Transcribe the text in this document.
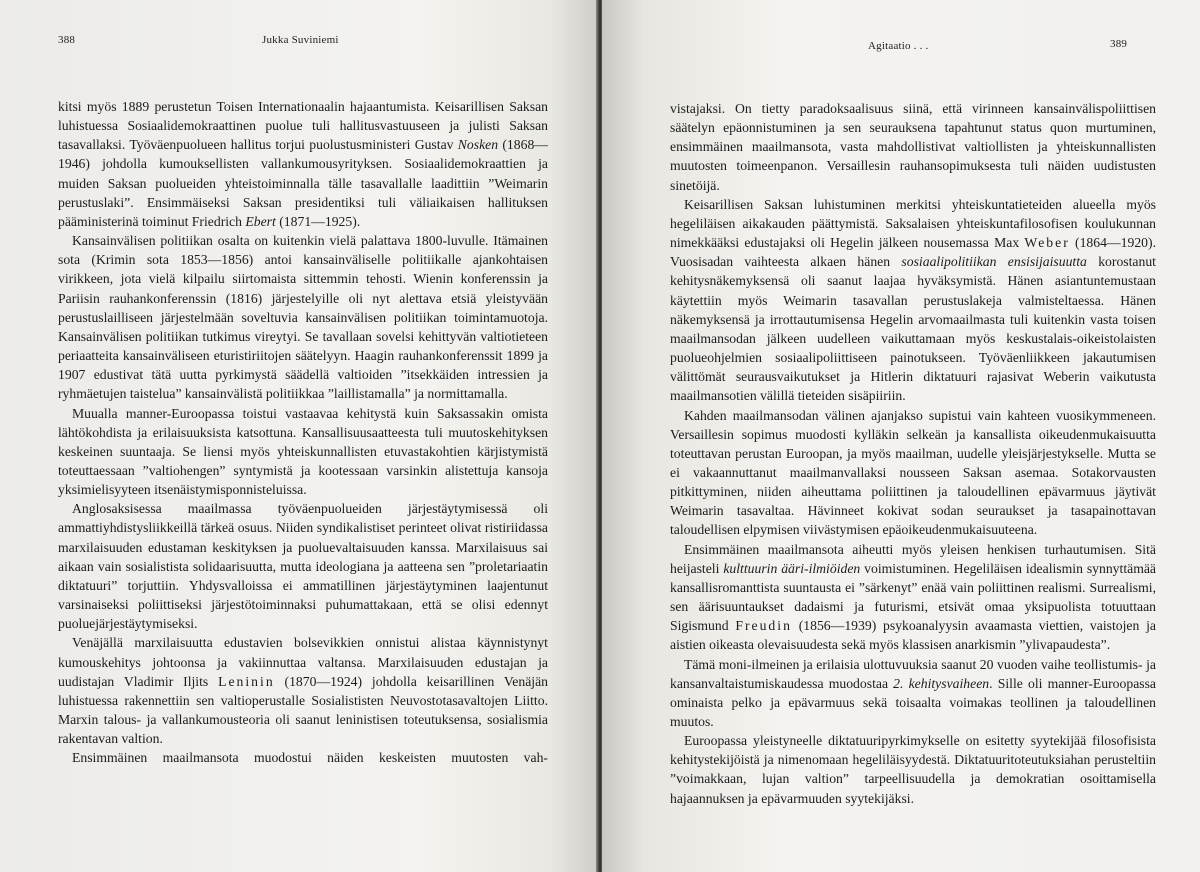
388	Jukka Suviniemi

kitsi myös 1889 perustetun Toisen Internationaalin hajaantumista. Keisarillisen Saksan luhistuessa Sosiaalidemokraattinen puolue tuli hallitusvastuuseen ja julisti Saksan tasavallaksi. Työväenpuolueen hallitus torjui puolustusministeri Gustav Nosken (1868—1946) johdolla kumouksellisten vallankumousyrityksen. Sosiaalidemokraattien ja muiden Saksan puolueiden yhteistoiminnalla tälle tasavallalle laadittiin ”Weimarin perustuslaki”. Ensimmäiseksi Saksan presidentiksi tuli väliaikaisen hallituksen pääministerinä toiminut Friedrich Ebert (1871—1925).

Kansainvälisen politiikan osalta on kuitenkin vielä palattava 1800-luvulle. Itämainen sota (Krimin sota 1853—1856) antoi kansainväliselle politiikalle ajankohtaisen virikkeen, jota vielä kilpailu siirtomaista sittemmin tehosti. Wienin konferenssin ja Pariisin rauhankonferenssin (1816) järjestelyille oli nyt alettava etsiä yleistyvään perustuslailliseen järjestelmään soveltuvia kansainvälisen politiikan toimintamuotoja. Kansainvälisen politiikan tutkimus vireytyi. Se tavallaan sovelsi kehittyvän valtiotieteen periaatteita kansainväliseen eturistiriitojen säätelyyn. Haagin rauhankonferenssit 1899 ja 1907 edustivat tätä uutta pyrkimystä säädellä valtioiden ”itsekkäiden intressien ja ryhmäetujen taistelua” kansainvälistä politiikkaa ”laillistamalla” ja normittamalla.

Muualla manner-Euroopassa toistui vastaavaa kehitystä kuin Saksassakin omista lähtökohdista ja erilaisuuksista katsottuna. Kansallisuusaatteesta tuli muutoskehityksen keskeinen suuntaaja. Se liensi myös yhteiskunnallisten etuvastakohtien kärjistymistä toteuttaessaan ”valtiohengen” syntymistä ja kootessaan varsinkin alistettuja kansoja yksimielisyyteen itsenäistymisponnisteluissa.

Anglosaksisessa maailmassa työväenpuolueiden järjestäytymisessä oli ammattiyhdistysliikkeillä tärkeä osuus. Niiden syndikalistiset perinteet olivat ristiriidassa marxilaisuuden edustaman keskityksen ja puoluevaltaisuuden kanssa. Marxilaisuus sai aikaan vain sosialistista solidaarisuutta, mutta ideologiana ja aatteena sen ”proletariaatin diktatuuri” torjuttiin. Yhdysvalloissa ei ammatillinen järjestäytyminen laajentunut varsinaiseksi poliittiseksi järjestötoiminnaksi puhumattakaan, että se olisi edennyt puoluejärjestäytymiseksi.

Venäjällä marxilaisuutta edustavien bolsevikkien onnistui alistaa käynnistynyt kumouskehitys johtoonsa ja vakiinnuttaa valtansa. Marxilaisuuden edustajan ja uudistajan Vladimir Iljits Leninin (1870—1924) johdolla keisarillinen Venäjän luhistuessa rakennettiin sen valtioperustalle Sosialististen Neuvostotasavaltojen Liitto. Marxin talous- ja vallankumousteoria oli saanut leninistisen toteutuksensa, sosialismia rakentavan valtion.

Ensimmäinen maailmansota muodostui näiden keskeisten muutosten vah-

Agitaatio . . .	389

vistajaksi. On tietty paradoksaalisuus siinä, että virinneen kansainvälispoliittisen säätelyn epäonnistuminen ja sen seurauksena tapahtunut status quon murtuminen, ensimmäinen maailmansota, vasta mahdollistivat valtiollisten ja yhteiskunnallisten muutosten toimeenpanon. Versaillesin rauhansopimuksesta tuli näiden uudistusten sinetöijä.

Keisarillisen Saksan luhistuminen merkitsi yhteiskuntatieteiden alueella myös hegeliläisen aikakauden päättymistä. Saksalaisen yhteiskuntafilosofisen koulukunnan nimekkääksi edustajaksi oli Hegelin jälkeen nousemassa Max Weber (1864—1920). Vuosisadan vaihteesta alkaen hänen sosiaalipolitiikan ensisijaisuutta korostanut kehitysnäkemyksensä oli saanut laajaa hyväksymistä. Hänen asiantuntemustaan käytettiin myös Weimarin tasavallan perustuslakeja valmisteltaessa. Hänen näkemyksensä ja irrottautumisensa Hegelin arvomaailmasta tuli kuitenkin vasta toisen maailmansodan jälkeen uudelleen vaikuttamaan myös keskustalais-oikeistolaisten puolueohjelmien sosiaalipoliittiseen painotukseen. Työväenliikkeen jakautumisen välittömät seurausvaikutukset ja Hitlerin diktatuuri rajasivat Weberin vaikutusta maailmansotien välillä tieteiden sisäpiiriin.

Kahden maailmansodan välinen ajanjakso supistui vain kahteen vuosikymmeneen. Versaillesin sopimus muodosti kylläkin selkeän ja kansallista oikeudenmukaisuutta toteuttavan perustan Euroopan, ja myös maailman, uudelle yleisjärjestykselle. Mutta se ei vakaannuttanut maailmanvallaksi nousseen Saksan asemaa. Sotakorvausten pitkittyminen, niiden aiheuttama poliittinen ja taloudellinen epävarmuus jäytivät Weimarin tasavaltaa. Hävinneet kokivat sodan seuraukset ja tasapainottavan taloudellisen elpymisen viivästymisen epäoikeudenmukaisuuteena.

Ensimmäinen maailmansota aiheutti myös yleisen henkisen turhautumisen. Sitä heijasteli kulttuurin ääri-ilmiöiden voimistuminen. Hegeliläisen idealismin synnyttämää kansallisromanttista suuntausta ei ”särkenyt” enää vain poliittinen realismi. Surrealismi, sen äärisuuntaukset dadaismi ja futurismi, etsivät omaa yksipuolista totuuttaan Sigismund Freudin (1856—1939) psykoanalyysin avaamasta viettien, vaistojen ja aistien oikeasta olevaisuudesta sekä myös klassisen anarkismin ”ylivapaudesta”.

Tämä moni-ilmeinen ja erilaisia ulottuvuuksia saanut 20 vuoden vaihe teollistumis- ja kansanvaltaistumiskaudessa muodostaa 2. kehitysvaiheen. Sille oli manner-Euroopassa ominaista pelko ja epävarmuus sekä toisaalta voimakas teollinen ja taloudellinen muutos.

Euroopassa yleistyneelle diktatuuripyrkimykselle on esitetty syytekijää filosofisista kehitystekijöistä ja nimenomaan hegeliläisyydestä. Diktatuuritoteutuksiahan perusteltiin ”voimakkaan, lujan valtion” tarpeellisuudella ja demokratian osoittamisella hajaannuksen ja epävarmuuden syytekijäksi.
